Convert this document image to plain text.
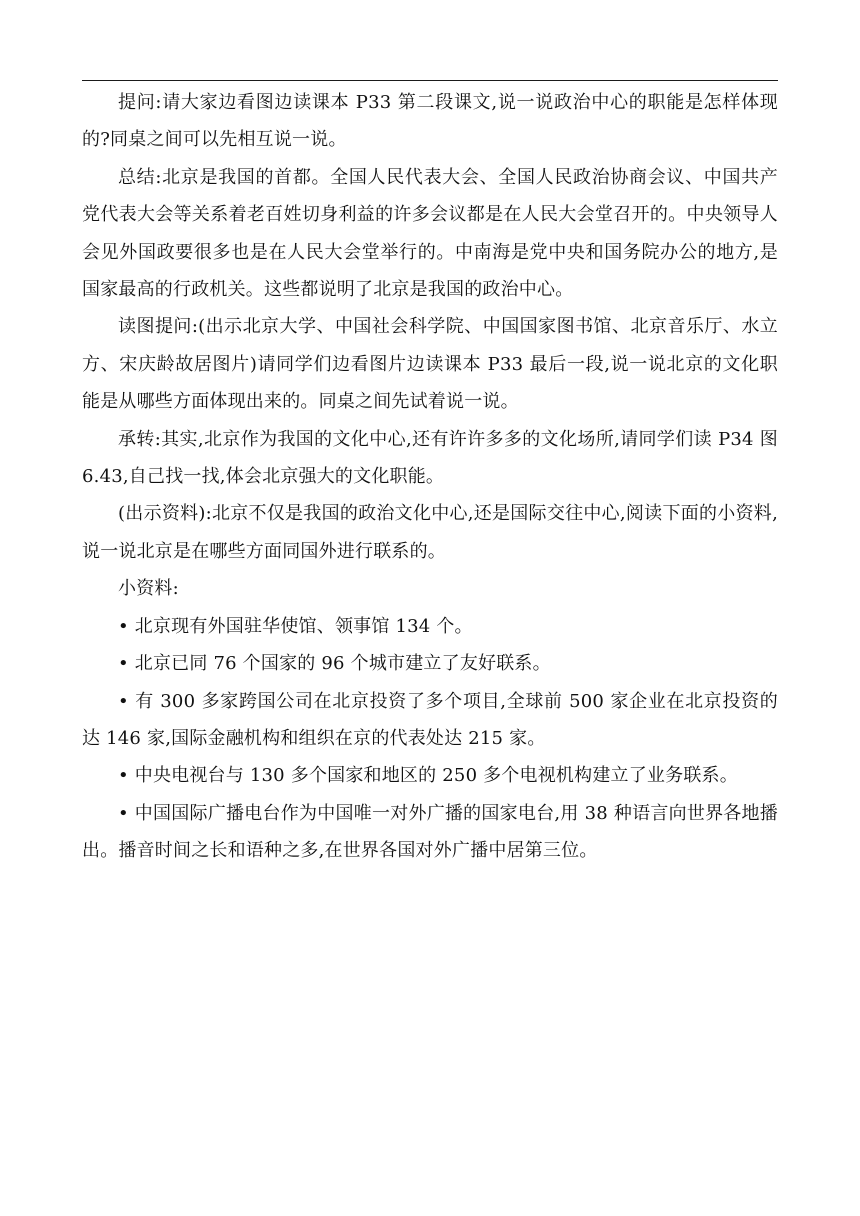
提问:请大家边看图边读课本 P33 第二段课文,说一说政治中心的职能是怎样体现的?同桌之间可以先相互说一说。

总结:北京是我国的首都。全国人民代表大会、全国人民政治协商会议、中国共产党代表大会等关系着老百姓切身利益的许多会议都是在人民大会堂召开的。中央领导人会见外国政要很多也是在人民大会堂举行的。中南海是党中央和国务院办公的地方,是国家最高的行政机关。这些都说明了北京是我国的政治中心。

读图提问:(出示北京大学、中国社会科学院、中国国家图书馆、北京音乐厅、水立方、宋庆龄故居图片)请同学们边看图片边读课本 P33 最后一段,说一说北京的文化职能是从哪些方面体现出来的。同桌之间先试着说一说。

承转:其实,北京作为我国的文化中心,还有许许多多的文化场所,请同学们读 P34 图 6.43,自己找一找,体会北京强大的文化职能。

(出示资料):北京不仅是我国的政治文化中心,还是国际交往中心,阅读下面的小资料,说一说北京是在哪些方面同国外进行联系的。

小资料:

• 北京现有外国驻华使馆、领事馆 134 个。

• 北京已同 76 个国家的 96 个城市建立了友好联系。

• 有 300 多家跨国公司在北京投资了多个项目,全球前 500 家企业在北京投资的达 146 家,国际金融机构和组织在京的代表处达 215 家。

• 中央电视台与 130 多个国家和地区的 250 多个电视机构建立了业务联系。

• 中国国际广播电台作为中国唯一对外广播的国家电台,用 38 种语言向世界各地播出。播音时间之长和语种之多,在世界各国对外广播中居第三位。
